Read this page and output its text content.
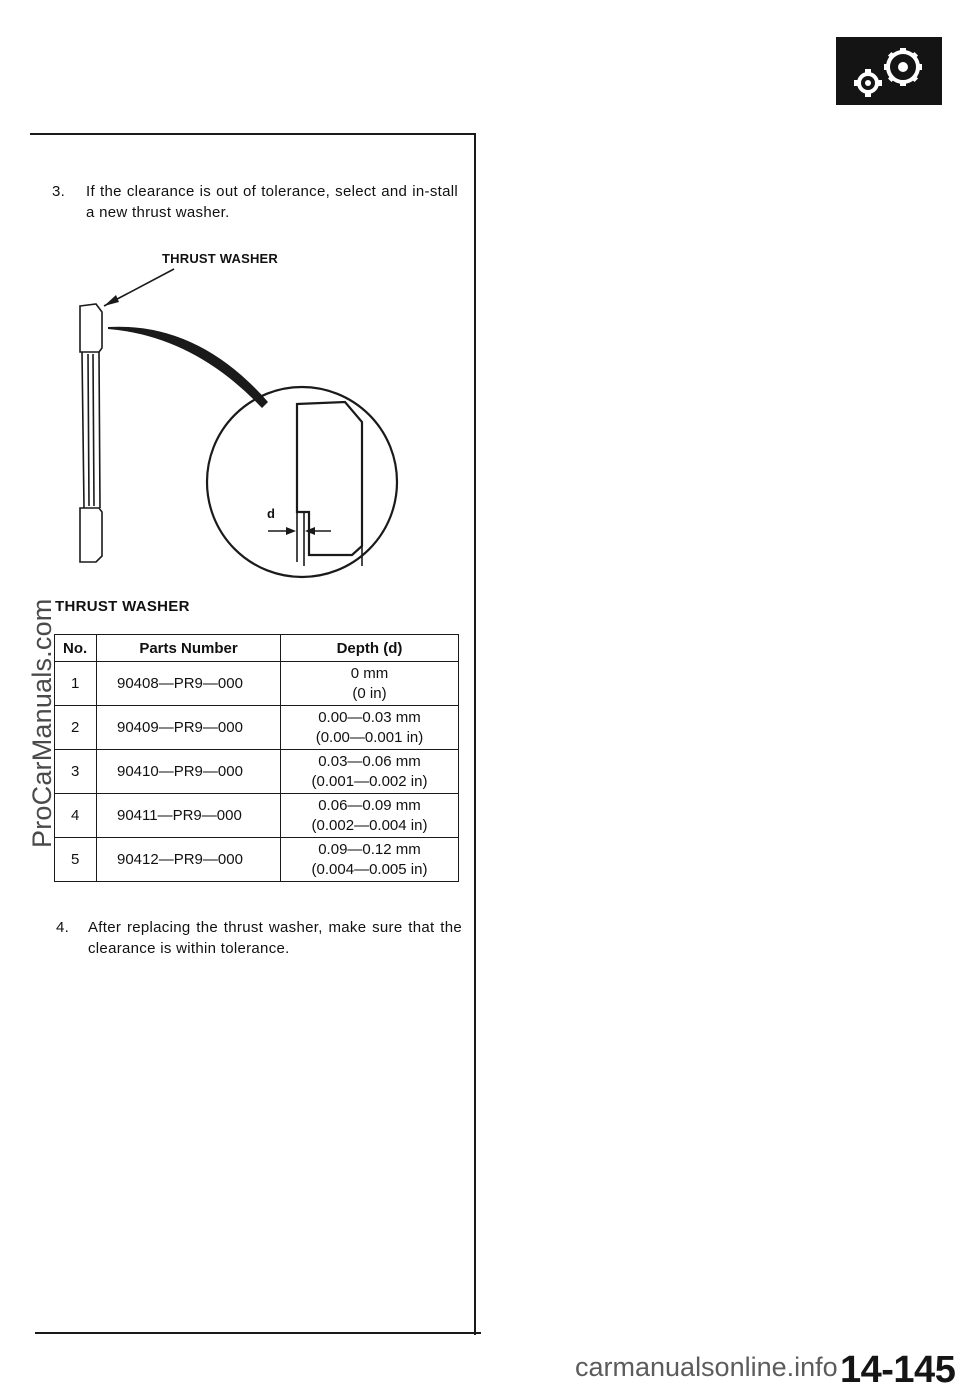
3. If the clearance is out of tolerance, select and in-stall a new thrust washer.
THRUST WASHER
d
THRUST WASHER
No.	Parts Number	Depth (d)
1	90408—PR9—000	0 mm
(0 in)

2	90409—PR9—000	0.00—0.03 mm
(0.00—0.001 in)

3	90410—PR9—000	0.03—0.06 mm
(0.001—0.002 in)

4	90411—PR9—000	0.06—0.09 mm
(0.002—0.004 in)

5	90412—PR9—000	0.09—0.12 mm
(0.004—0.005 in)
4. After replacing the thrust washer, make sure that the clearance is within tolerance.
ProCarManuals.com
carmanualsonline.info 14-145
